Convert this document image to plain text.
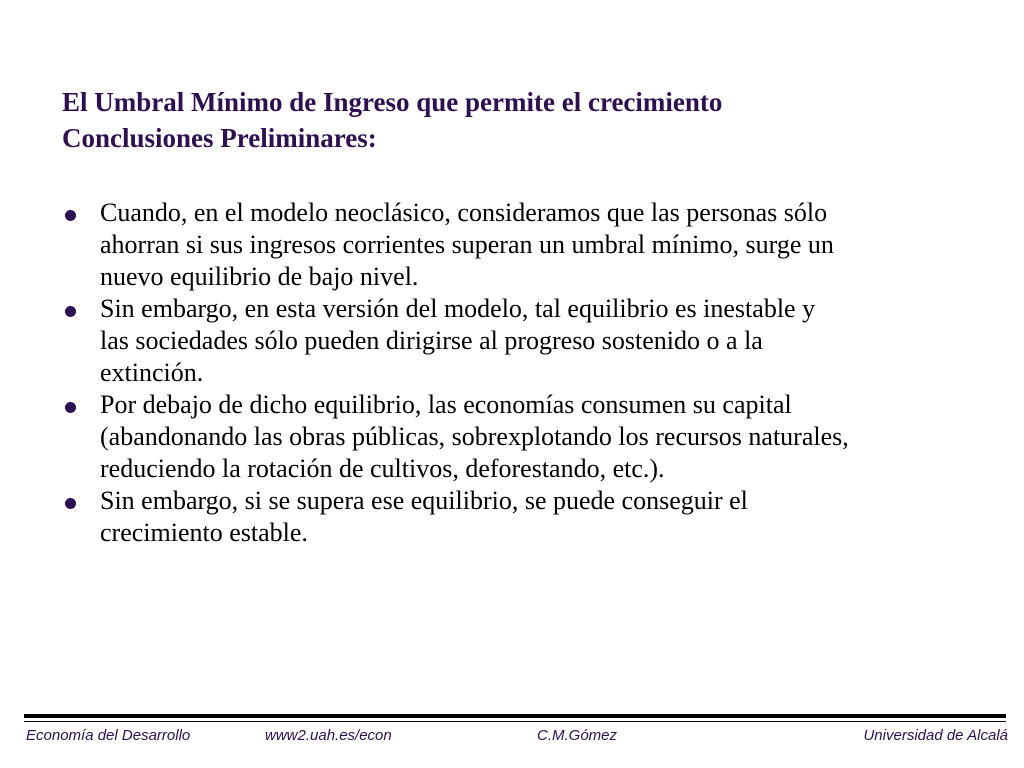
El Umbral Mínimo de Ingreso que permite el crecimiento
Conclusiones Preliminares:
Cuando, en el modelo neoclásico, consideramos que las personas sólo
ahorran si sus ingresos corrientes superan un umbral mínimo, surge un
nuevo equilibrio de bajo nivel.
Sin embargo, en esta versión del modelo, tal equilibrio es inestable y
las sociedades sólo pueden dirigirse al progreso sostenido o a la
extinción.
Por debajo de dicho equilibrio, las economías consumen su capital
(abandonando las obras públicas, sobrexplotando los recursos naturales,
reduciendo la rotación de cultivos, deforestando, etc.).
Sin embargo, si se supera ese equilibrio, se puede conseguir el
crecimiento estable.
Economía del Desarrollo	www2.uah.es/econ	C.M.Gómez	Universidad de Alcalá
